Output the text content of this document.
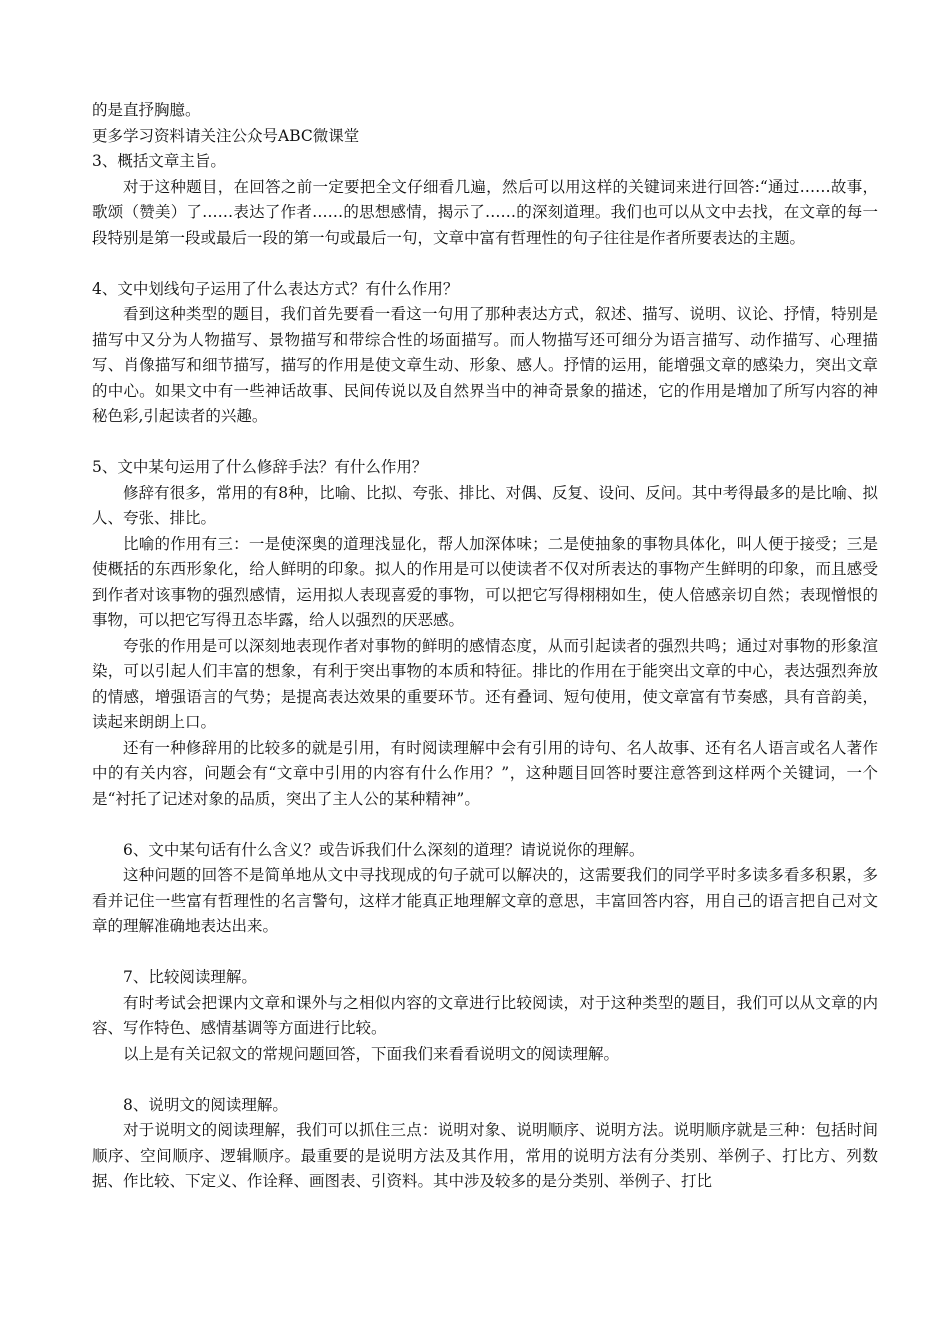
的是直抒胸臆。

更多学习资料请关注公众号ABC微课堂

3、概括文章主旨。

对于这种题目，在回答之前一定要把全文仔细看几遍，然后可以用这样的关键词来进行回答:“通过……故事，歌颂（赞美）了……表达了作者……的思想感情，揭示了……的深刻道理。我们也可以从文中去找，在文章的每一段特别是第一段或最后一段的第一句或最后一句，文章中富有哲理性的句子往往是作者所要表达的主题。

4、文中划线句子运用了什么表达方式？有什么作用？

看到这种类型的题目，我们首先要看一看这一句用了那种表达方式，叙述、描写、说明、议论、抒情，特别是描写中又分为人物描写、景物描写和带综合性的场面描写。而人物描写还可细分为语言描写、动作描写、心理描写、肖像描写和细节描写，描写的作用是使文章生动、形象、感人。抒情的运用，能增强文章的感染力，突出文章的中心。如果文中有一些神话故事、民间传说以及自然界当中的神奇景象的描述，它的作用是增加了所写内容的神秘色彩,引起读者的兴趣。

5、文中某句运用了什么修辞手法？有什么作用？

修辞有很多，常用的有8种，比喻、比拟、夸张、排比、对偶、反复、设问、反问。其中考得最多的是比喻、拟人、夸张、排比。

比喻的作用有三：一是使深奥的道理浅显化，帮人加深体味；二是使抽象的事物具体化，叫人便于接受；三是使概括的东西形象化，给人鲜明的印象。拟人的作用是可以使读者不仅对所表达的事物产生鲜明的印象，而且感受到作者对该事物的强烈感情，运用拟人表现喜爱的事物，可以把它写得栩栩如生，使人倍感亲切自然；表现憎恨的事物，可以把它写得丑态毕露，给人以强烈的厌恶感。

夸张的作用是可以深刻地表现作者对事物的鲜明的感情态度，从而引起读者的强烈共鸣；通过对事物的形象渲染，可以引起人们丰富的想象，有利于突出事物的本质和特征。排比的作用在于能突出文章的中心，表达强烈奔放的情感，增强语言的气势；是提高表达效果的重要环节。还有叠词、短句使用，使文章富有节奏感，具有音韵美，读起来朗朗上口。

还有一种修辞用的比较多的就是引用，有时阅读理解中会有引用的诗句、名人故事、还有名人语言或名人著作中的有关内容，问题会有“文章中引用的内容有什么作用？”，这种题目回答时要注意答到这样两个关键词，一个是“衬托了记述对象的品质，突出了主人公的某种精神”。

6、文中某句话有什么含义？或告诉我们什么深刻的道理？请说说你的理解。

这种问题的回答不是简单地从文中寻找现成的句子就可以解决的，这需要我们的同学平时多读多看多积累，多看并记住一些富有哲理性的名言警句，这样才能真正地理解文章的意思，丰富回答内容，用自己的语言把自己对文章的理解准确地表达出来。

7、比较阅读理解。

有时考试会把课内文章和课外与之相似内容的文章进行比较阅读，对于这种类型的题目，我们可以从文章的内容、写作特色、感情基调等方面进行比较。

以上是有关记叙文的常规问题回答，下面我们来看看说明文的阅读理解。

8、说明文的阅读理解。

对于说明文的阅读理解，我们可以抓住三点：说明对象、说明顺序、说明方法。说明顺序就是三种：包括时间顺序、空间顺序、逻辑顺序。最重要的是说明方法及其作用，常用的说明方法有分类别、举例子、打比方、列数据、作比较、下定义、作诠释、画图表、引资料。其中涉及较多的是分类别、举例子、打比
